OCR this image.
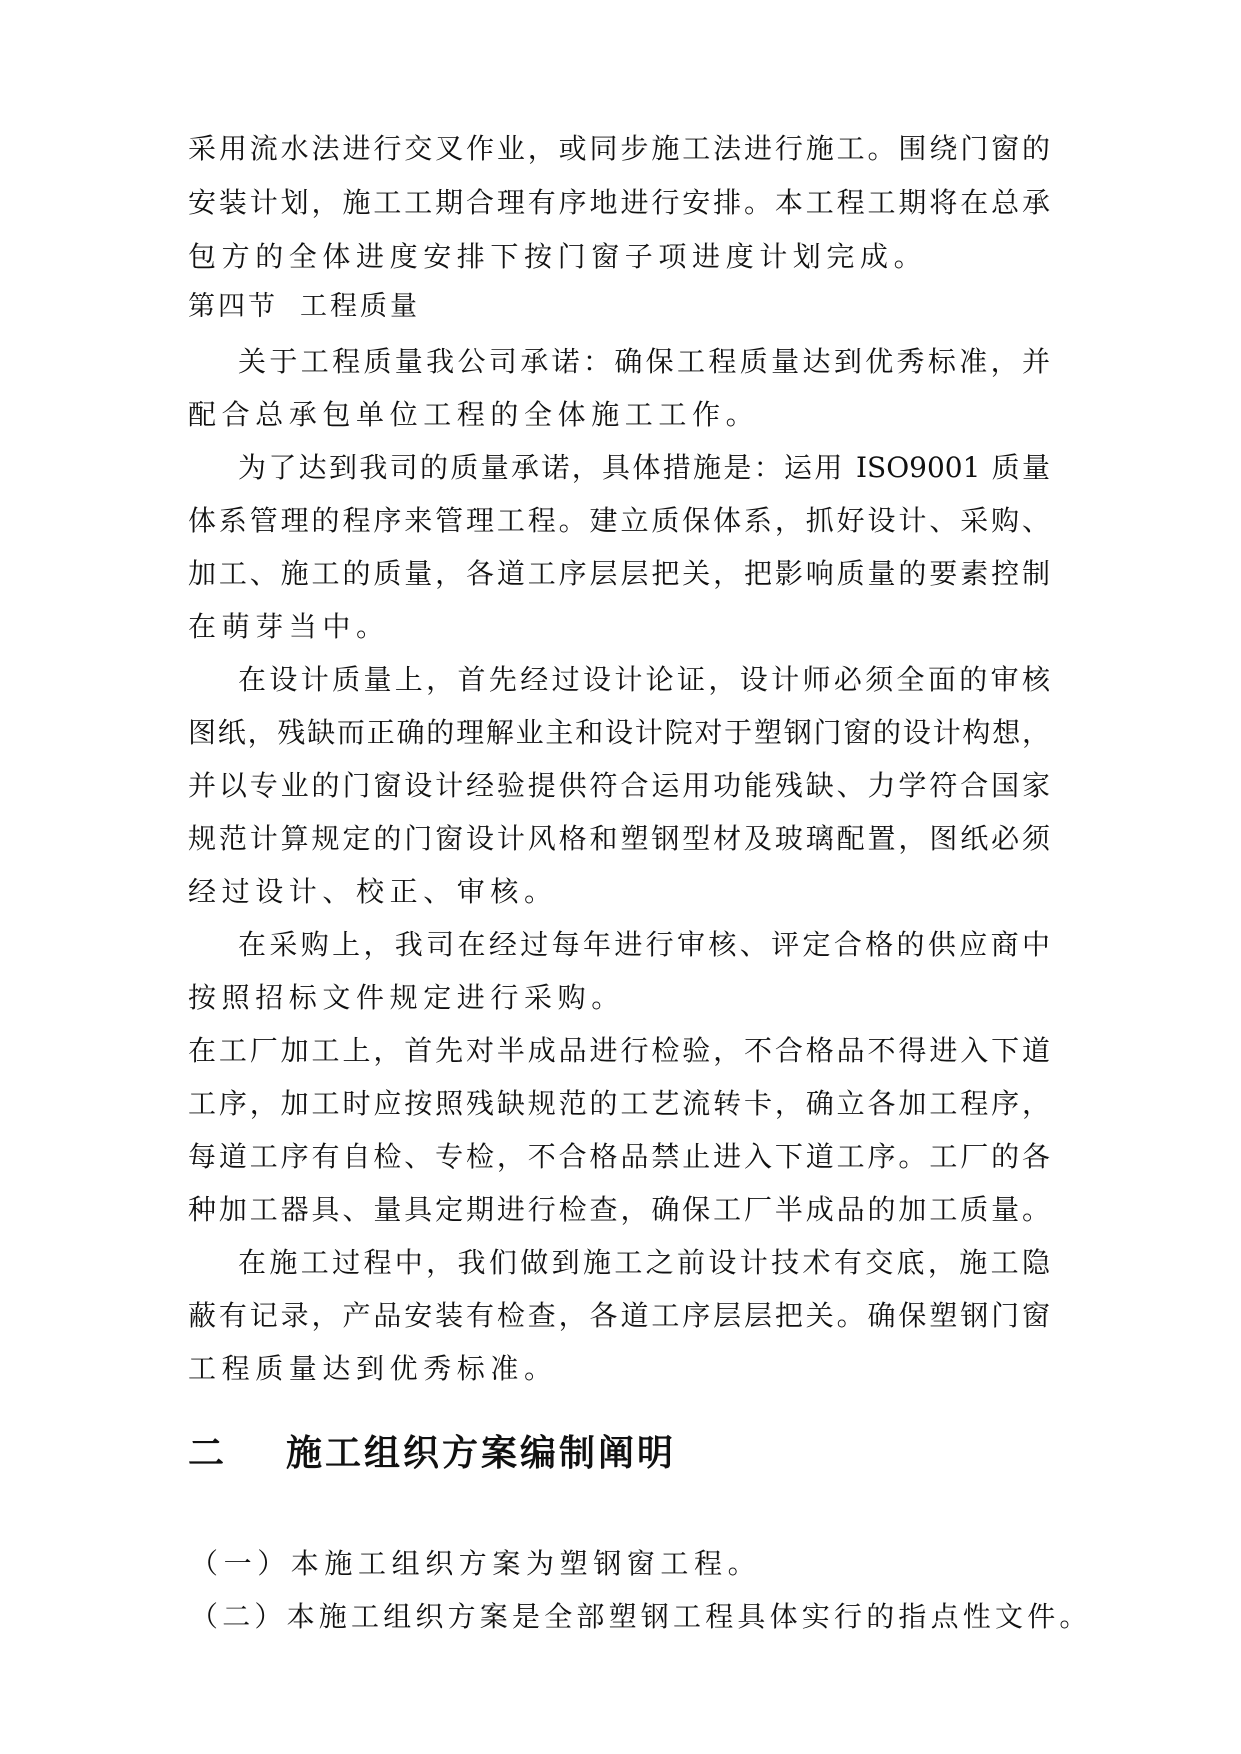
采用流水法进行交叉作业，或同步施工法进行施工。围绕门窗的
安装计划，施工工期合理有序地进行安排。本工程工期将在总承
包方的全体进度安排下按门窗子项进度计划完成。
第四节 工程质量
关于工程质量我公司承诺：确保工程质量达到优秀标准，并
配合总承包单位工程的全体施工工作。
为了达到我司的质量承诺，具体措施是：运用 ISO9001 质量
体系管理的程序来管理工程。建立质保体系，抓好设计、采购、
加工、施工的质量，各道工序层层把关，把影响质量的要素控制
在萌芽当中。
在设计质量上，首先经过设计论证，设计师必须全面的审核
图纸，残缺而正确的理解业主和设计院对于塑钢门窗的设计构想，
并以专业的门窗设计经验提供符合运用功能残缺、力学符合国家
规范计算规定的门窗设计风格和塑钢型材及玻璃配置，图纸必须
经过设计、校正、审核。
在采购上，我司在经过每年进行审核、评定合格的供应商中
按照招标文件规定进行采购。
在工厂加工上，首先对半成品进行检验，不合格品不得进入下道
工序，加工时应按照残缺规范的工艺流转卡，确立各加工程序，
每道工序有自检、专检，不合格品禁止进入下道工序。工厂的各
种加工器具、量具定期进行检查，确保工厂半成品的加工质量。
在施工过程中，我们做到施工之前设计技术有交底，施工隐
蔽有记录，产品安装有检查，各道工序层层把关。确保塑钢门窗
工程质量达到优秀标准。
二 施工组织方案编制阐明
（一）本施工组织方案为塑钢窗工程。
（二）本施工组织方案是全部塑钢工程具体实行的指点性文件。
